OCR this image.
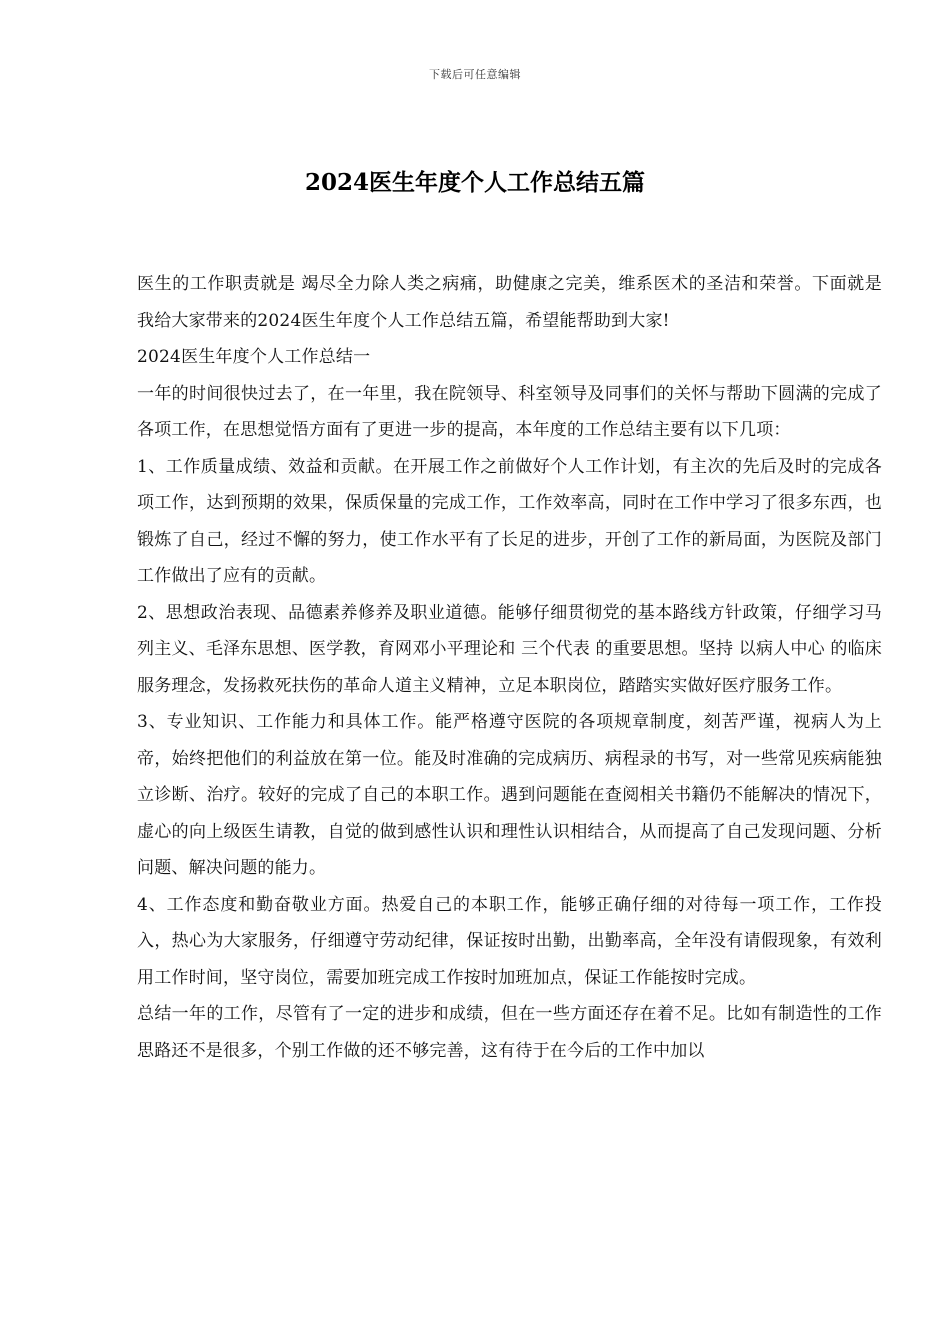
下载后可任意编辑
2024医生年度个人工作总结五篇

医生的工作职责就是 竭尽全力除人类之病痛，助健康之完美，维系医术的圣洁和荣誉。下面就是我给大家带来的2024医生年度个人工作总结五篇，希望能帮助到大家!

2024医生年度个人工作总结一

一年的时间很快过去了，在一年里，我在院领导、科室领导及同事们的关怀与帮助下圆满的完成了各项工作，在思想觉悟方面有了更进一步的提高，本年度的工作总结主要有以下几项：

1、工作质量成绩、效益和贡献。在开展工作之前做好个人工作计划，有主次的先后及时的完成各项工作，达到预期的效果，保质保量的完成工作，工作效率高，同时在工作中学习了很多东西，也锻炼了自己，经过不懈的努力，使工作水平有了长足的进步，开创了工作的新局面，为医院及部门工作做出了应有的贡献。

2、思想政治表现、品德素养修养及职业道德。能够仔细贯彻党的基本路线方针政策，仔细学习马列主义、毛泽东思想、医学教，育网邓小平理论和 三个代表 的重要思想。坚持 以病人中心 的临床服务理念，发扬救死扶伤的革命人道主义精神，立足本职岗位，踏踏实实做好医疗服务工作。

3、专业知识、工作能力和具体工作。能严格遵守医院的各项规章制度，刻苦严谨，视病人为上帝，始终把他们的利益放在第一位。能及时准确的完成病历、病程录的书写，对一些常见疾病能独立诊断、治疗。较好的完成了自己的本职工作。遇到问题能在查阅相关书籍仍不能解决的情况下，虚心的向上级医生请教，自觉的做到感性认识和理性认识相结合，从而提高了自己发现问题、分析问题、解决问题的能力。

4、工作态度和勤奋敬业方面。热爱自己的本职工作，能够正确仔细的对待每一项工作，工作投入，热心为大家服务，仔细遵守劳动纪律，保证按时出勤，出勤率高，全年没有请假现象，有效利用工作时间，坚守岗位，需要加班完成工作按时加班加点，保证工作能按时完成。

总结一年的工作，尽管有了一定的进步和成绩，但在一些方面还存在着不足。比如有制造性的工作思路还不是很多，个别工作做的还不够完善，这有待于在今后的工作中加以
